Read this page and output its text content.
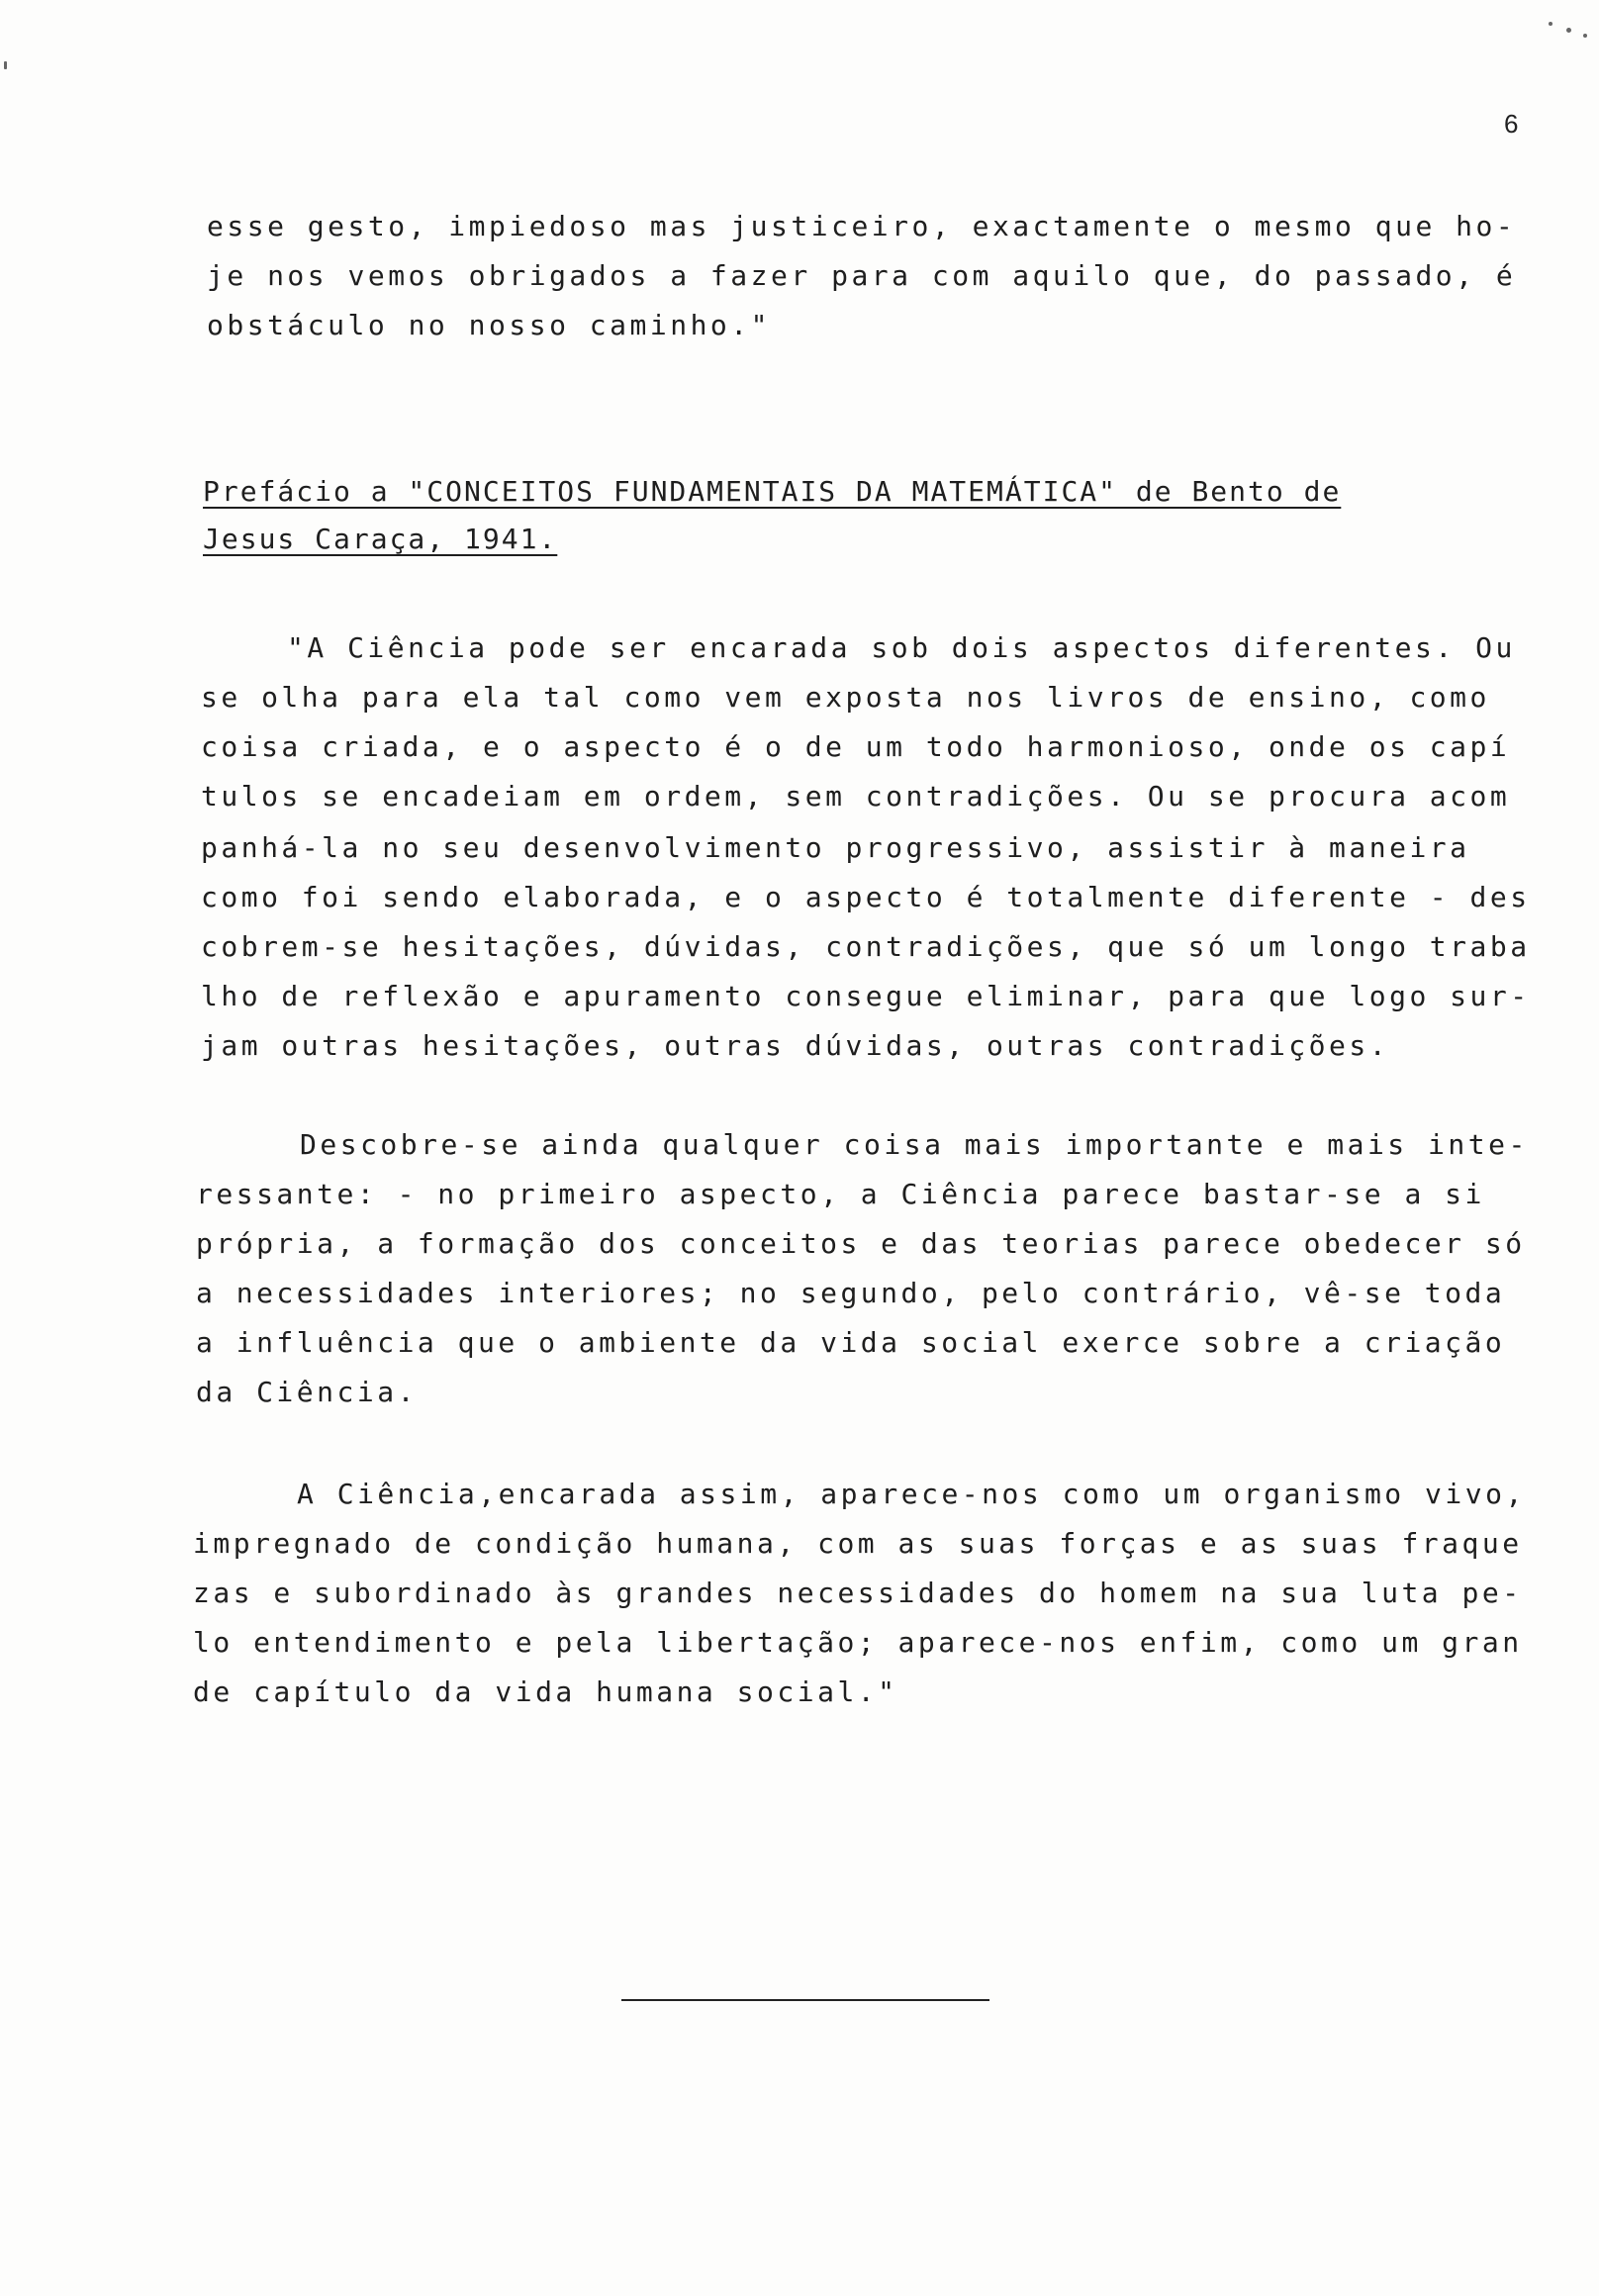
6
esse gesto, impiedoso mas justiceiro, exactamente o mesmo que ho-
je nos vemos obrigados a fazer para com aquilo que, do passado, é
obstáculo no nosso caminho."
Prefácio a "CONCEITOS FUNDAMENTAIS DA MATEMÁTICA" de Bento de
Jesus Caraça, 1941.
"A Ciência pode ser encarada sob dois aspectos diferentes. Ou
se olha para ela tal como vem exposta nos livros de ensino, como
coisa criada, e o aspecto é o de um todo harmonioso, onde os capí
tulos se encadeiam em ordem, sem contradições. Ou se procura acom
panhá-la no seu desenvolvimento progressivo, assistir à maneira
como foi sendo elaborada, e o aspecto é totalmente diferente - des
cobrem-se hesitações, dúvidas, contradições, que só um longo traba
lho de reflexão e apuramento consegue eliminar, para que logo sur-
jam outras hesitações, outras dúvidas, outras contradições.
Descobre-se ainda qualquer coisa mais importante e mais inte-
ressante: - no primeiro aspecto, a Ciência parece bastar-se a si
própria, a formação dos conceitos e das teorias parece obedecer só
a necessidades interiores; no segundo, pelo contrário, vê-se toda
a influência que o ambiente da vida social exerce sobre a criação
da Ciência.
A Ciência,encarada assim, aparece-nos como um organismo vivo,
impregnado de condição humana, com as suas forças e as suas fraque
zas e subordinado às grandes necessidades do homem na sua luta pe-
lo entendimento e pela libertação; aparece-nos enfim, como um gran
de capítulo da vida humana social."
